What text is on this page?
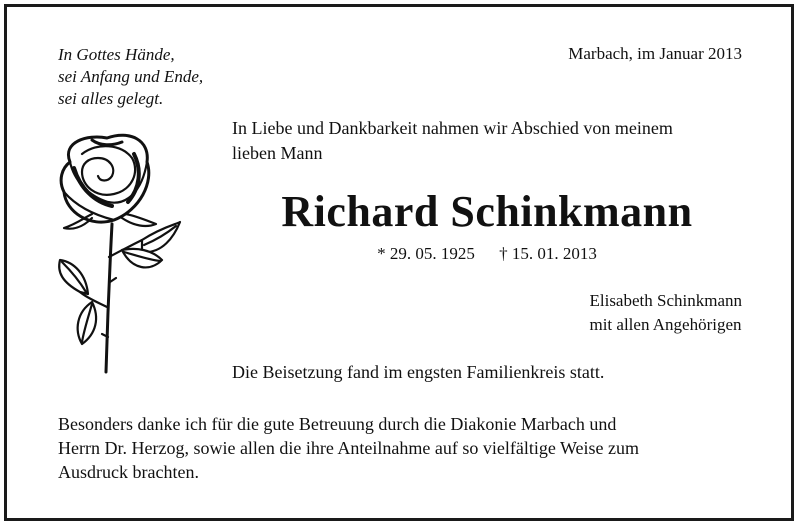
In Gottes Hände,
sei Anfang und Ende,
sei alles gelegt.
Marbach, im Januar 2013
In Liebe und Dankbarkeit nahmen wir Abschied von meinem
lieben Mann
Richard Schinkmann
* 29. 05. 1925 † 15. 01. 2013
Elisabeth Schinkmann
mit allen Angehörigen
Die Beisetzung fand im engsten Familienkreis statt.
Besonders danke ich für die gute Betreuung durch die Diakonie Marbach und
Herrn Dr. Herzog, sowie allen die ihre Anteilnahme auf so vielfältige Weise zum
Ausdruck brachten.
